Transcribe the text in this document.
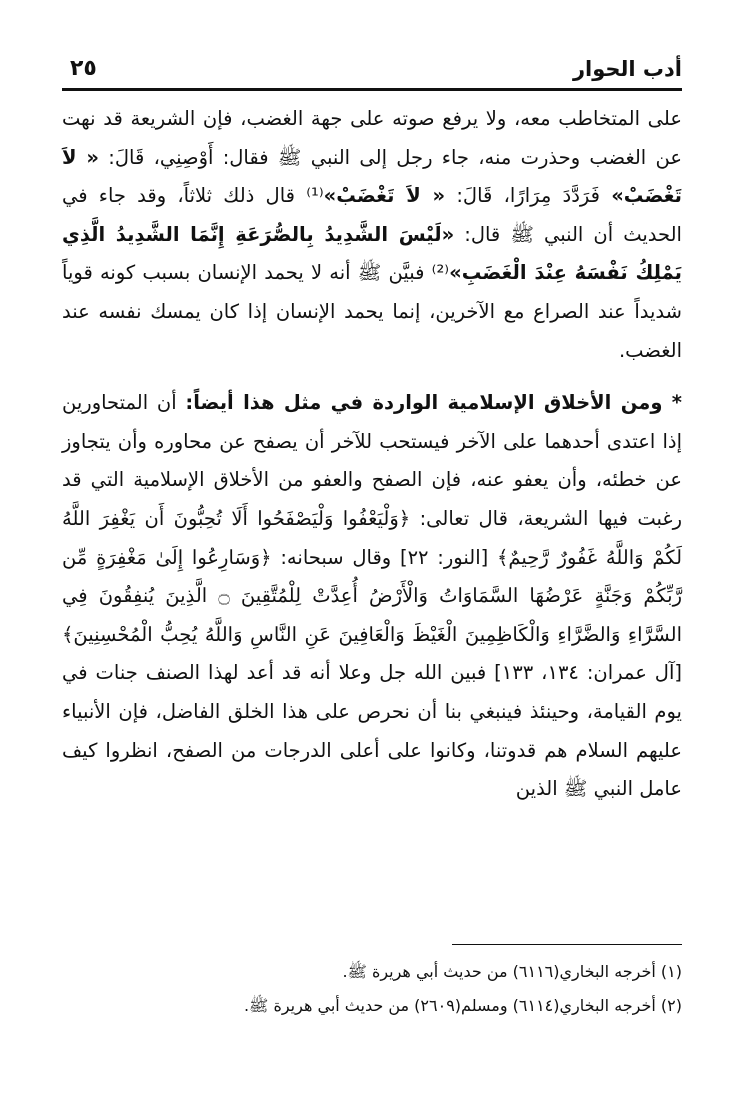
أدب الحوار
٢٥

على المتخاطب معه، ولا يرفع صوته على جهة الغضب، فإن الشريعة قد نهت عن الغضب وحذرت منه، جاء رجل إلى النبي ﷺ فقال: أَوْصِنِي، قَالَ: « لاَ تَغْضَبْ» فَرَدَّدَ مِرَارًا، قَالَ: « لاَ تَغْضَبْ»⁽¹⁾ قال ذلك ثلاثاً، وقد جاء في الحديث أن النبي ﷺ قال: «لَيْسَ الشَّدِيدُ بِالصُّرَعَةِ إِنَّمَا الشَّدِيدُ الَّذِي يَمْلِكُ نَفْسَهُ عِنْدَ الْغَضَبِ»⁽²⁾ فبيَّن ﷺ أنه لا يحمد الإنسان بسبب كونه قوياً شديداً عند الصراع مع الآخرين، إنما يحمد الإنسان إذا كان يمسك نفسه عند الغضب.

* ومن الأخلاق الإسلامية الواردة في مثل هذا أيضاً: أن المتحاورين إذا اعتدى أحدهما على الآخر فيستحب للآخر أن يصفح عن محاوره وأن يتجاوز عن خطئه، وأن يعفو عنه، فإن الصفح والعفو من الأخلاق الإسلامية التي قد رغبت فيها الشريعة، قال تعالى: ﴿وَلْيَعْفُوا وَلْيَصْفَحُوا أَلَا تُحِبُّونَ أَن يَغْفِرَ اللَّهُ لَكُمْ وَاللَّهُ غَفُورٌ رَّحِيمٌ﴾ [النور: ٢٢] وقال سبحانه: ﴿وَسَارِعُوا إِلَىٰ مَغْفِرَةٍ مِّن رَّبِّكُمْ وَجَنَّةٍ عَرْضُهَا السَّمَاوَاتُ وَالْأَرْضُ أُعِدَّتْ لِلْمُتَّقِينَ ۝ الَّذِينَ يُنفِقُونَ فِي السَّرَّاءِ وَالضَّرَّاءِ وَالْكَاظِمِينَ الْغَيْظَ وَالْعَافِينَ عَنِ النَّاسِ وَاللَّهُ يُحِبُّ الْمُحْسِنِينَ﴾ [آل عمران: ١٣٤، ١٣٣] فبين الله جل وعلا أنه قد أعد لهذا الصنف جنات في يوم القيامة، وحينئذ فينبغي بنا أن نحرص على هذا الخلق الفاضل، فإن الأنبياء عليهم السلام هم قدوتنا، وكانوا على أعلى الدرجات من الصفح، انظروا كيف عامل النبي ﷺ الذين

(١) أخرجه البخاري(٦١١٦) من حديث أبي هريرة ﷺ.

(٢) أخرجه البخاري(٦١١٤) ومسلم(٢٦٠٩) من حديث أبي هريرة ﷺ.
